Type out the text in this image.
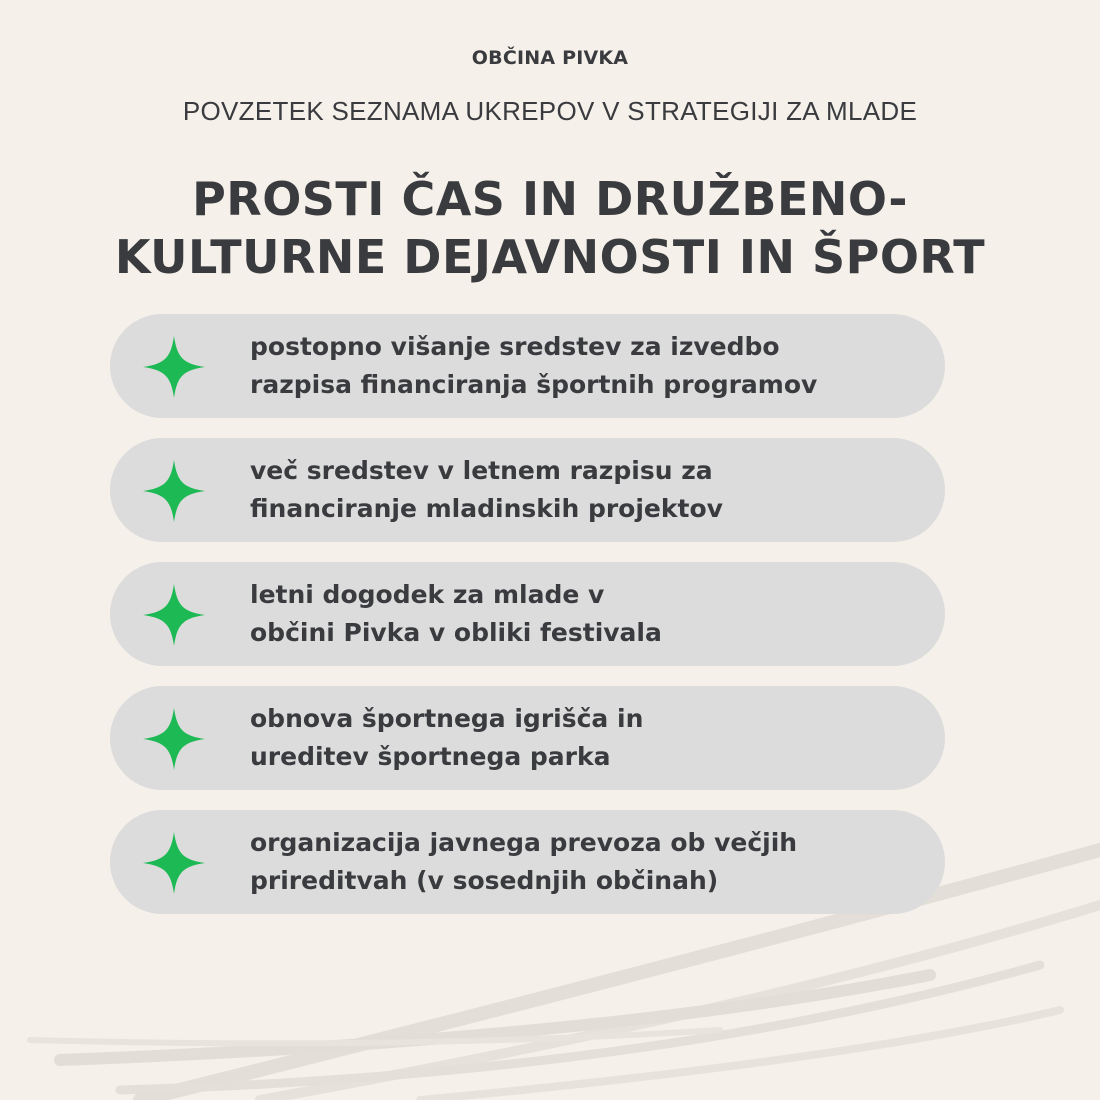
OBČINA PIVKA
POVZETEK SEZNAMA UKREPOV V STRATEGIJI ZA MLADE
PROSTI ČAS IN DRUŽBENO-
KULTURNE DEJAVNOSTI IN ŠPORT
postopno višanje sredstev za izvedbo
razpisa financiranja športnih programov
več sredstev v letnem razpisu za
financiranje mladinskih projektov
letni dogodek za mlade v
občini Pivka v obliki festivala
obnova športnega igrišča in
ureditev športnega parka
organizacija javnega prevoza ob večjih
prireditvah (v sosednjih občinah)
